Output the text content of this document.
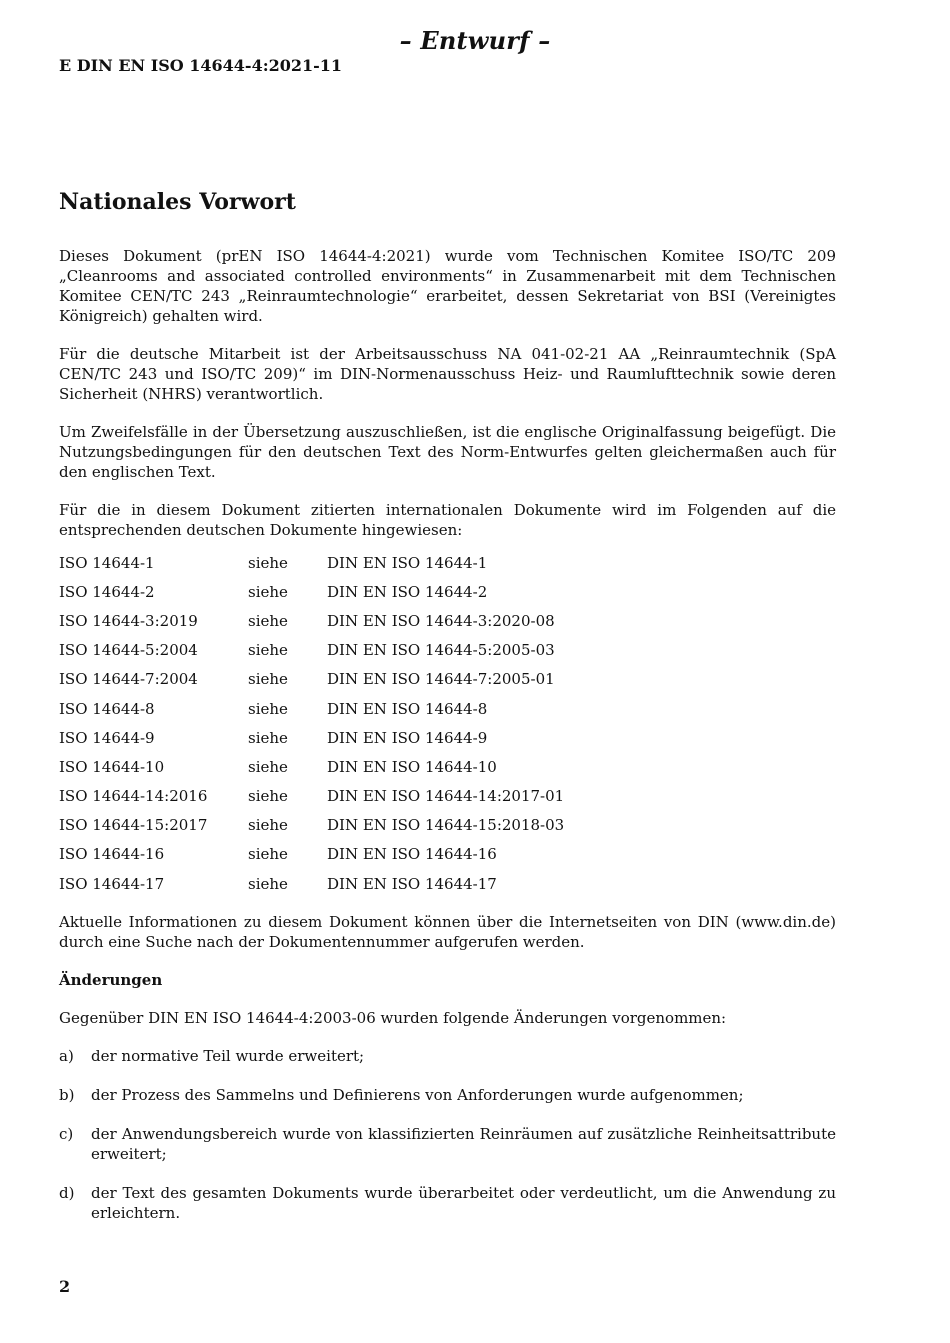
– Entwurf –
E DIN EN ISO 14644-4:2021-11
Nationales Vorwort

Dieses Dokument (prEN ISO 14644-4:2021) wurde vom Technischen Komitee ISO/TC 209 „Cleanrooms and associated controlled environments“ in Zusammenarbeit mit dem Technischen Komitee CEN/TC 243 „Reinraumtechnologie“ erarbeitet, dessen Sekretariat von BSI (Vereinigtes Königreich) gehalten wird.

Für die deutsche Mitarbeit ist der Arbeitsausschuss NA 041-02-21 AA „Reinraumtechnik (SpA CEN/TC 243 und ISO/TC 209)“ im DIN-Normenausschuss Heiz- und Raumlufttechnik sowie deren Sicherheit (NHRS) verantwortlich.

Um Zweifelsfälle in der Übersetzung auszuschließen, ist die englische Originalfassung beigefügt. Die Nutzungsbedingungen für den deutschen Text des Norm-Entwurfes gelten gleichermaßen auch für den englischen Text.

Für die in diesem Dokument zitierten internationalen Dokumente wird im Folgenden auf die entsprechenden deutschen Dokumente hingewiesen:

ISO 14644-1	siehe	DIN EN ISO 14644-1
ISO 14644-2	siehe	DIN EN ISO 14644-2
ISO 14644-3:2019	siehe	DIN EN ISO 14644-3:2020-08
ISO 14644-5:2004	siehe	DIN EN ISO 14644-5:2005-03
ISO 14644-7:2004	siehe	DIN EN ISO 14644-7:2005-01
ISO 14644-8	siehe	DIN EN ISO 14644-8
ISO 14644-9	siehe	DIN EN ISO 14644-9
ISO 14644-10	siehe	DIN EN ISO 14644-10
ISO 14644-14:2016	siehe	DIN EN ISO 14644-14:2017-01
ISO 14644-15:2017	siehe	DIN EN ISO 14644-15:2018-03
ISO 14644-16	siehe	DIN EN ISO 14644-16
ISO 14644-17	siehe	DIN EN ISO 14644-17

Aktuelle Informationen zu diesem Dokument können über die Internetseiten von DIN (www.din.de) durch eine Suche nach der Dokumentennummer aufgerufen werden.

Änderungen

Gegenüber DIN EN ISO 14644-4:2003-06 wurden folgende Änderungen vorgenommen:

a) der normative Teil wurde erweitert;
b) der Prozess des Sammelns und Definierens von Anforderungen wurde aufgenommen;
c) der Anwendungsbereich wurde von klassifizierten Reinräumen auf zusätzliche Reinheitsattribute erweitert;
d) der Text des gesamten Dokuments wurde überarbeitet oder verdeutlicht, um die Anwendung zu erleichtern.
2
